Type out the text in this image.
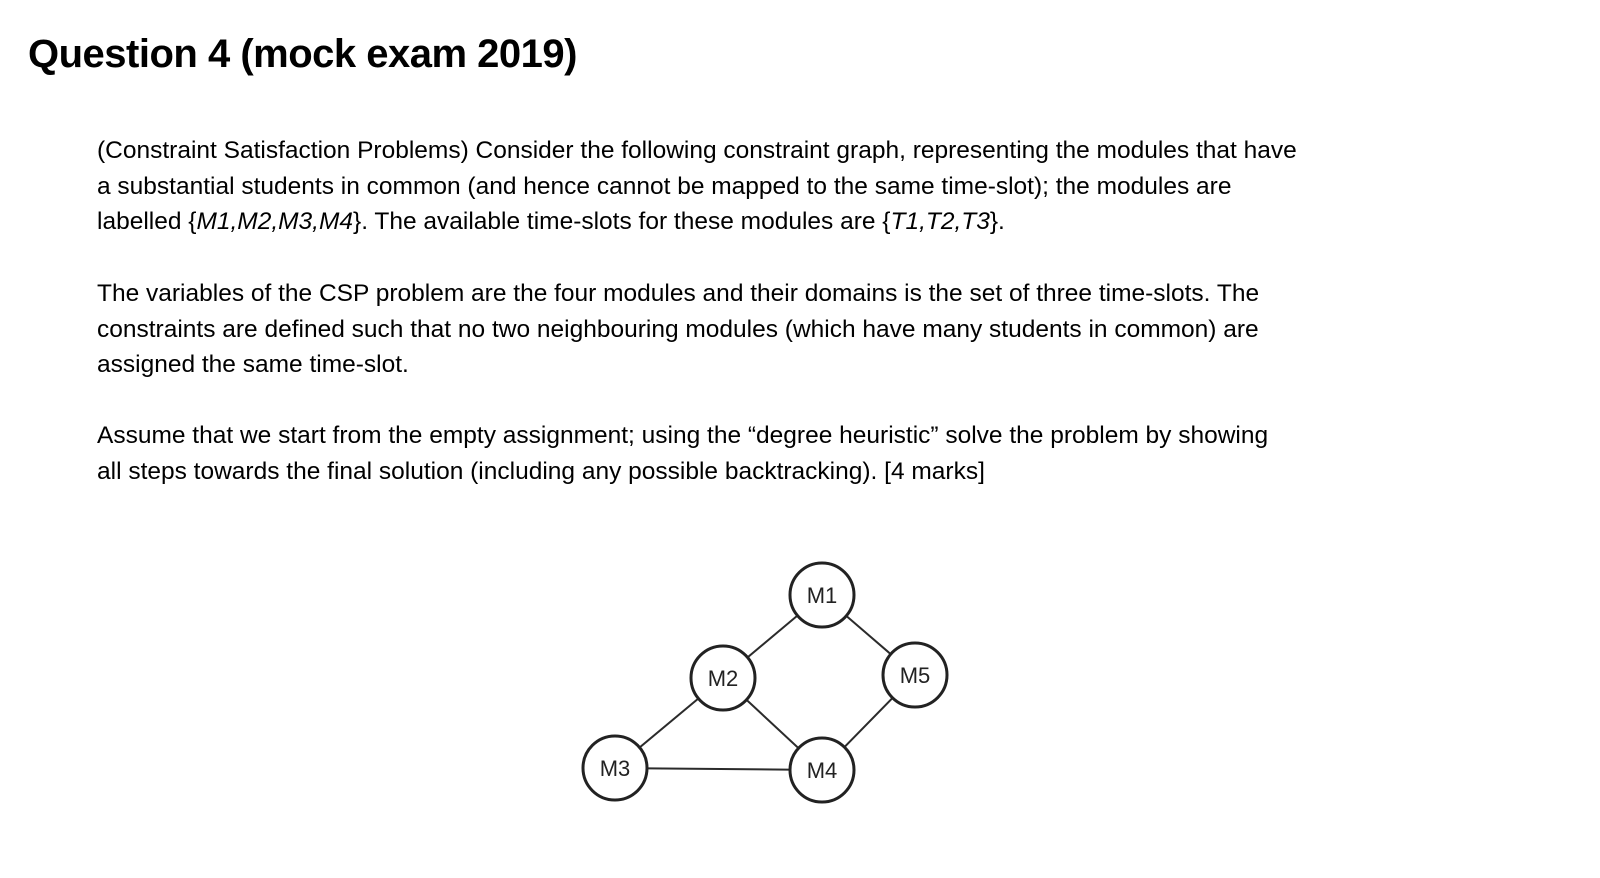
Question 4 (mock exam 2019)

(Constraint Satisfaction Problems) Consider the following constraint graph, representing the modules that have
a substantial students in common (and hence cannot be mapped to the same time-slot); the modules are
labelled {M1,M2,M3,M4}. The available time-slots for these modules are {T1,T2,T3}.

The variables of the CSP problem are the four modules and their domains is the set of three time-slots. The
constraints are defined such that no two neighbouring modules (which have many students in common) are
assigned the same time-slot.

Assume that we start from the empty assignment; using the “degree heuristic” solve the problem by showing
all steps towards the final solution (including any possible backtracking). [4 marks]

M1
M2	M5
M3	M4
